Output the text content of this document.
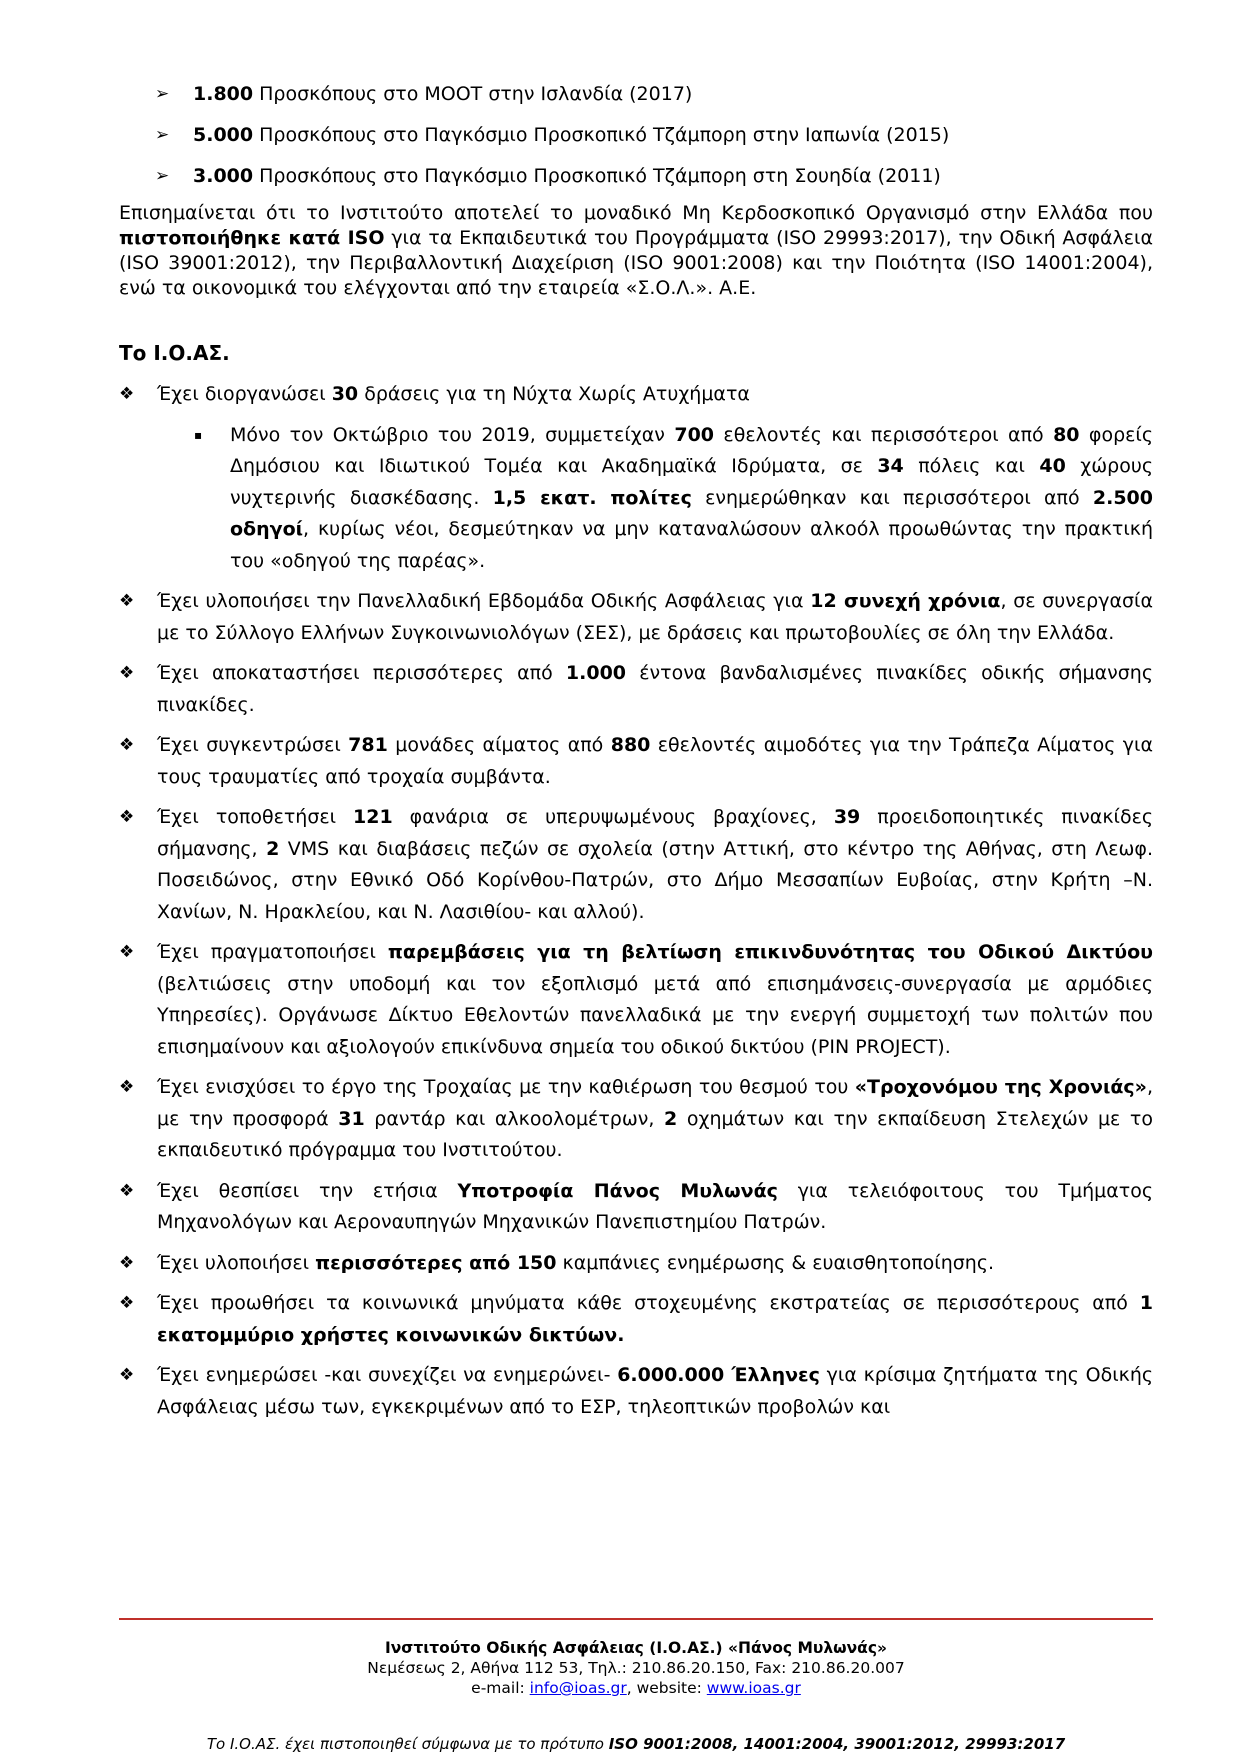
➢ 1.800 Προσκόπους στο MOOT στην Ισλανδία (2017)
➢ 5.000 Προσκόπους στο Παγκόσμιο Προσκοπικό Τζάμπορη στην Ιαπωνία (2015)
➢ 3.000 Προσκόπους στο Παγκόσμιο Προσκοπικό Τζάμπορη στη Σουηδία (2011)

Επισημαίνεται ότι το Ινστιτούτο αποτελεί το μοναδικό Μη Κερδοσκοπικό Οργανισμό στην Ελλάδα που πιστοποιήθηκε κατά ISO για τα Εκπαιδευτικά του Προγράμματα (ISO 29993:2017), την Οδική Ασφάλεια (ISO 39001:2012), την Περιβαλλοντική Διαχείριση (ISO 9001:2008) και την Ποιότητα (ISO 14001:2004), ενώ τα οικονομικά του ελέγχονται από την εταιρεία «Σ.Ο.Λ.». Α.Ε.

Το Ι.Ο.ΑΣ.

❖ Έχει διοργανώσει 30 δράσεις για τη Νύχτα Χωρίς Ατυχήματα
▪ Μόνο τον Οκτώβριο του 2019, συμμετείχαν 700 εθελοντές και περισσότεροι από 80 φορείς Δημόσιου και Ιδιωτικού Τομέα και Ακαδημαϊκά Ιδρύματα, σε 34 πόλεις και 40 χώρους νυχτερινής διασκέδασης. 1,5 εκατ. πολίτες ενημερώθηκαν και περισσότεροι από 2.500 οδηγοί, κυρίως νέοι, δεσμεύτηκαν να μην καταναλώσουν αλκοόλ προωθώντας την πρακτική του «οδηγού της παρέας».
❖ Έχει υλοποιήσει την Πανελλαδική Εβδομάδα Οδικής Ασφάλειας για 12 συνεχή χρόνια, σε συνεργασία με το Σύλλογο Ελλήνων Συγκοινωνιολόγων (ΣΕΣ), με δράσεις και πρωτοβουλίες σε όλη την Ελλάδα.
❖ Έχει αποκαταστήσει περισσότερες από 1.000 έντονα βανδαλισμένες πινακίδες οδικής σήμανσης πινακίδες.
❖ Έχει συγκεντρώσει 781 μονάδες αίματος από 880 εθελοντές αιμοδότες για την Τράπεζα Αίματος για τους τραυματίες από τροχαία συμβάντα.
❖ Έχει τοποθετήσει 121 φανάρια σε υπερυψωμένους βραχίονες, 39 προειδοποιητικές πινακίδες σήμανσης, 2 VMS και διαβάσεις πεζών σε σχολεία (στην Αττική, στο κέντρο της Αθήνας, στη Λεωφ. Ποσειδώνος, στην Εθνικό Οδό Κορίνθου-Πατρών, στο Δήμο Μεσσαπίων Ευβοίας, στην Κρήτη –Ν. Χανίων, Ν. Ηρακλείου, και Ν. Λασιθίου- και αλλού).
❖ Έχει πραγματοποιήσει παρεμβάσεις για τη βελτίωση επικινδυνότητας του Οδικού Δικτύου (βελτιώσεις στην υποδομή και τον εξοπλισμό μετά από επισημάνσεις-συνεργασία με αρμόδιες Υπηρεσίες). Οργάνωσε Δίκτυο Εθελοντών πανελλαδικά με την ενεργή συμμετοχή των πολιτών που επισημαίνουν και αξιολογούν επικίνδυνα σημεία του οδικού δικτύου (PIN PROJECT).
❖ Έχει ενισχύσει το έργο της Τροχαίας με την καθιέρωση του θεσμού του «Τροχονόμου της Χρονιάς», με την προσφορά 31 ραντάρ και αλκοολομέτρων, 2 οχημάτων και την εκπαίδευση Στελεχών με το εκπαιδευτικό πρόγραμμα του Ινστιτούτου.
❖ Έχει θεσπίσει την ετήσια Υποτροφία Πάνος Μυλωνάς για τελειόφοιτους του Τμήματος Μηχανολόγων και Αεροναυπηγών Μηχανικών Πανεπιστημίου Πατρών.
❖ Έχει υλοποιήσει περισσότερες από 150 καμπάνιες ενημέρωσης & ευαισθητοποίησης.
❖ Έχει προωθήσει τα κοινωνικά μηνύματα κάθε στοχευμένης εκστρατείας σε περισσότερους από 1 εκατομμύριο χρήστες κοινωνικών δικτύων.
❖ Έχει ενημερώσει -και συνεχίζει να ενημερώνει- 6.000.000 Έλληνες για κρίσιμα ζητήματα της Οδικής Ασφάλειας μέσω των, εγκεκριμένων από το ΕΣΡ, τηλεοπτικών προβολών και
Ινστιτούτο Οδικής Ασφάλειας (Ι.Ο.ΑΣ.) «Πάνος Μυλωνάς»
Νεμέσεως 2, Αθήνα 112 53, Τηλ.: 210.86.20.150, Fax: 210.86.20.007
e-mail: info@ioas.gr, website: www.ioas.gr
Το Ι.Ο.ΑΣ. έχει πιστοποιηθεί σύμφωνα με το πρότυπο ISO 9001:2008, 14001:2004, 39001:2012, 29993:2017
